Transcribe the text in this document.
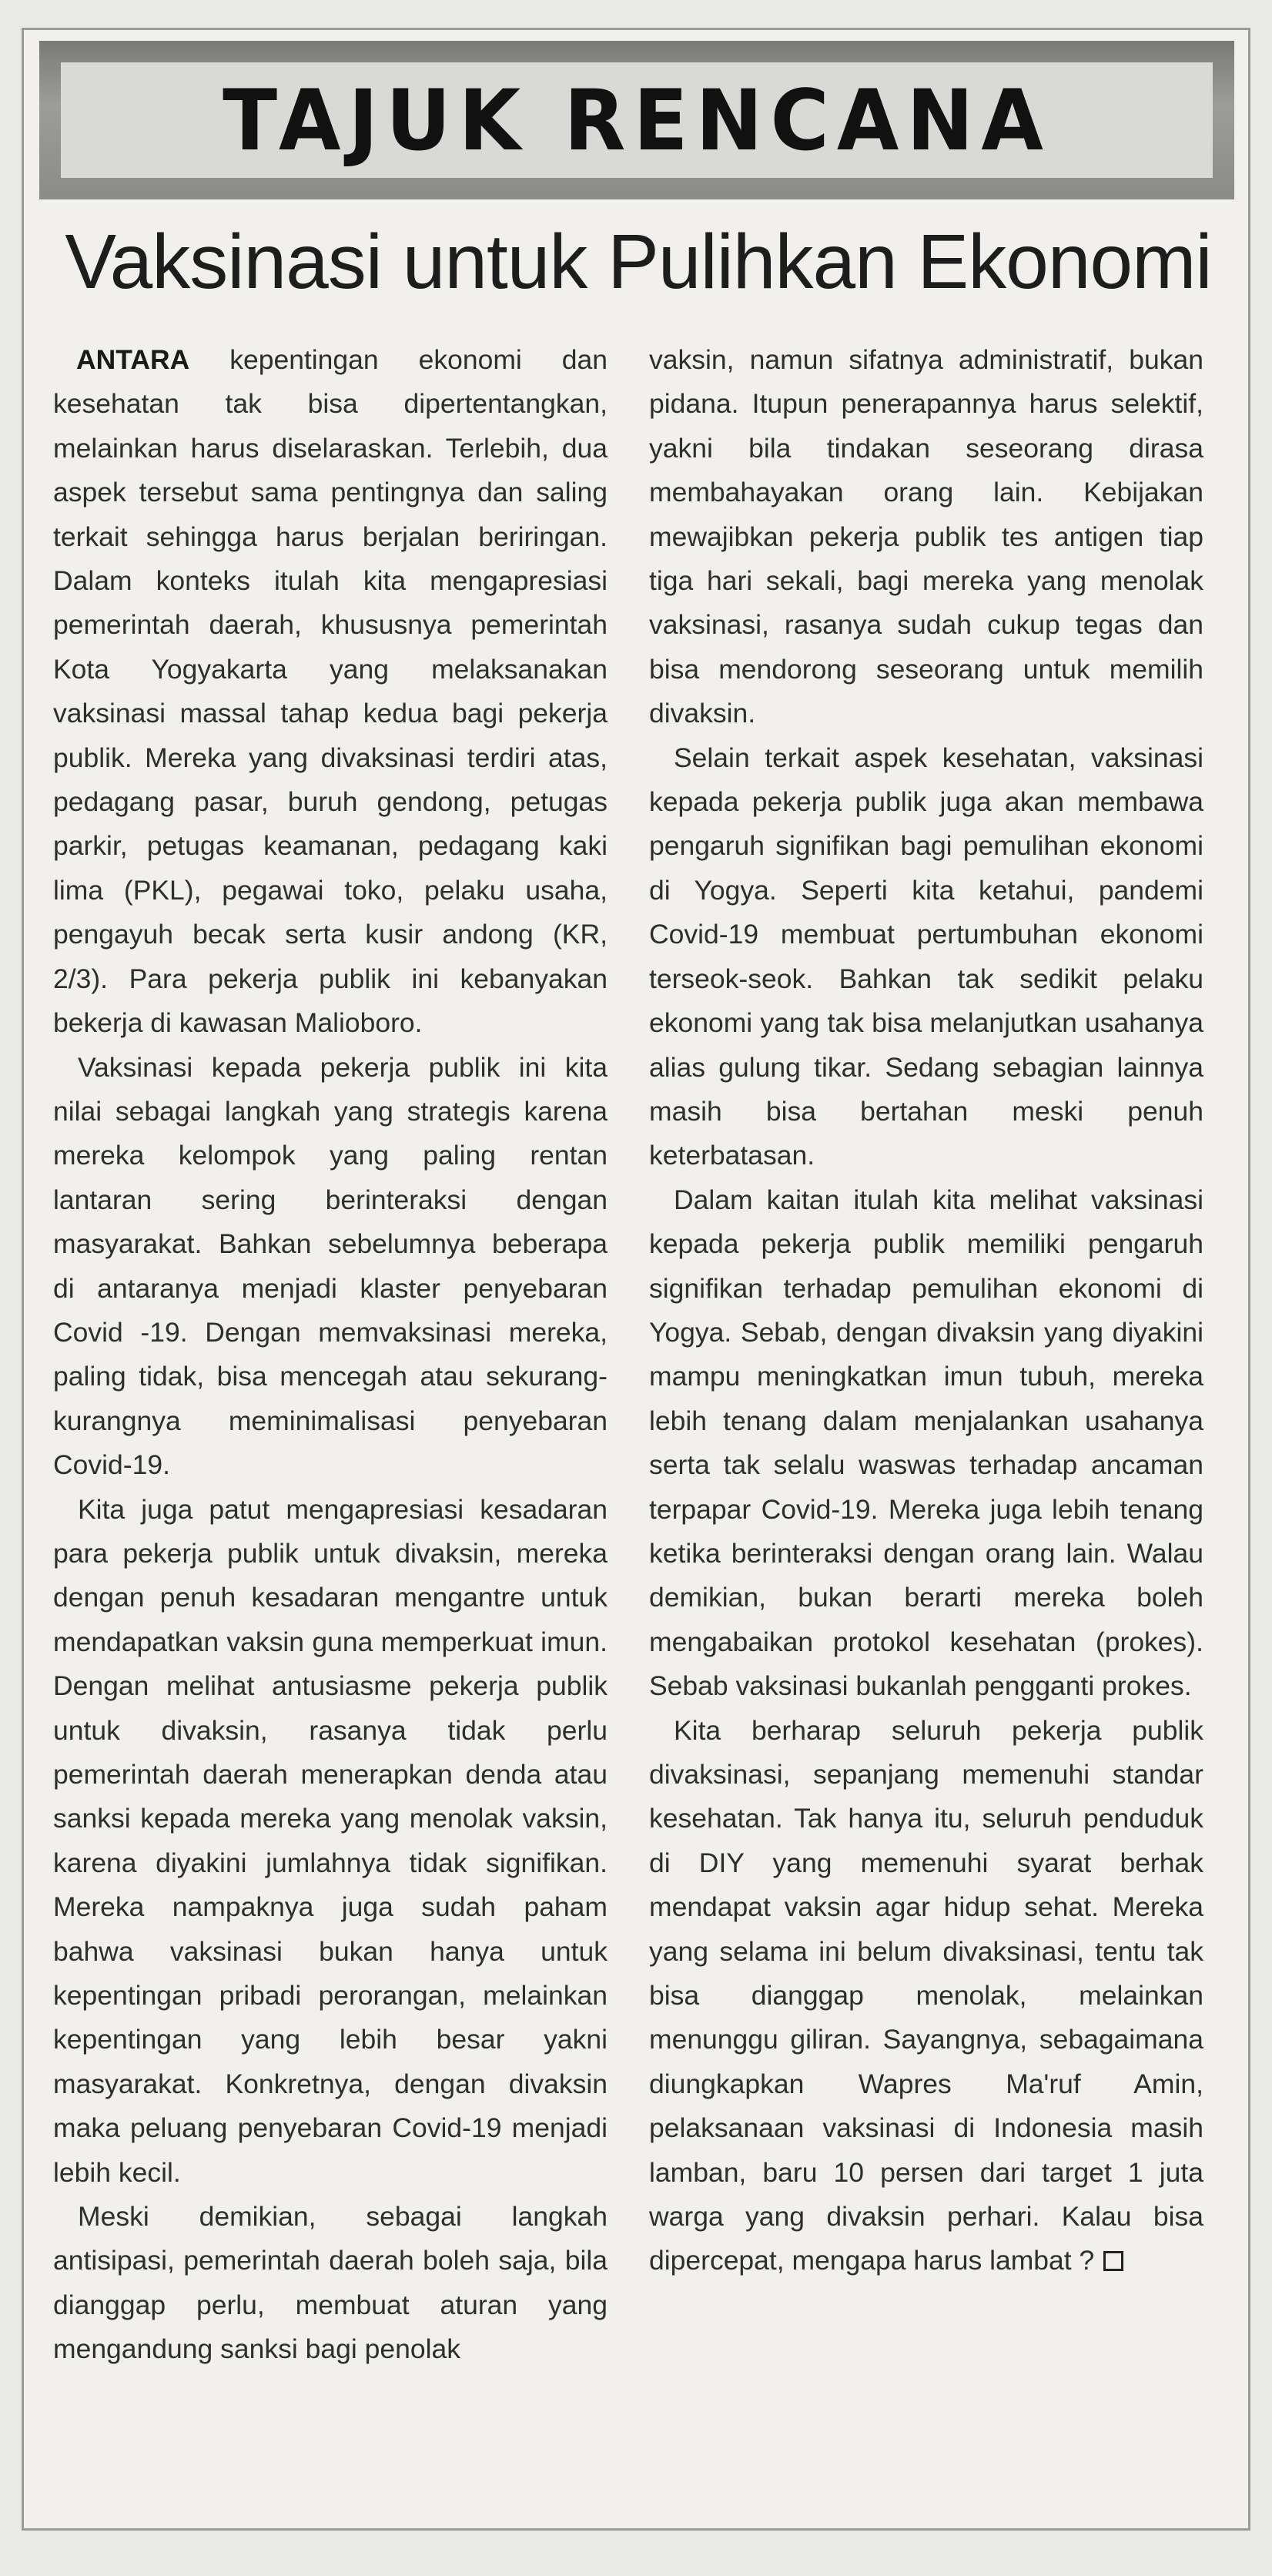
TAJUK RENCANA
Vaksinasi untuk Pulihkan Ekonomi

ANTARA kepentingan ekonomi dan kesehatan tak bisa dipertentangkan, melainkan harus diselaraskan. Terlebih, dua aspek tersebut sama pentingnya dan saling terkait sehingga harus berjalan beriringan. Dalam konteks itulah kita mengapresiasi pemerintah daerah, khususnya pemerintah Kota Yogyakarta yang melaksanakan vaksinasi massal tahap kedua bagi pekerja publik. Mereka yang divaksinasi terdiri atas, pedagang pasar, buruh gendong, petugas parkir, petugas keamanan, pedagang kaki lima (PKL), pegawai toko, pelaku usaha, pengayuh becak serta kusir andong (KR, 2/3). Para pekerja publik ini kebanyakan bekerja di kawasan Malioboro.

Vaksinasi kepada pekerja publik ini kita nilai sebagai langkah yang strategis karena mereka kelompok yang paling rentan lantaran sering berinteraksi dengan masyarakat. Bahkan sebelumnya beberapa di antaranya menjadi klaster penyebaran Covid -19. Dengan memvaksinasi mereka, paling tidak, bisa mencegah atau sekurang-kurangnya meminimalisasi penyebaran Covid-19.

Kita juga patut mengapresiasi kesadaran para pekerja publik untuk divaksin, mereka dengan penuh kesadaran mengantre untuk mendapatkan vaksin guna memperkuat imun. Dengan melihat antusiasme pekerja publik untuk divaksin, rasanya tidak perlu pemerintah daerah menerapkan denda atau sanksi kepada mereka yang menolak vaksin, karena diyakini jumlahnya tidak signifikan. Mereka nampaknya juga sudah paham bahwa vaksinasi bukan hanya untuk kepentingan pribadi perorangan, melainkan kepentingan yang lebih besar yakni masyarakat. Konkretnya, dengan divaksin maka peluang penyebaran Covid-19 menjadi lebih kecil.

Meski demikian, sebagai langkah antisipasi, pemerintah daerah boleh saja, bila dianggap perlu, membuat aturan yang mengandung sanksi bagi penolak

vaksin, namun sifatnya administratif, bukan pidana. Itupun penerapannya harus selektif, yakni bila tindakan seseorang dirasa membahayakan orang lain. Kebijakan mewajibkan pekerja publik tes antigen tiap tiga hari sekali, bagi mereka yang menolak vaksinasi, rasanya sudah cukup tegas dan bisa mendorong seseorang untuk memilih divaksin.

Selain terkait aspek kesehatan, vaksinasi kepada pekerja publik juga akan membawa pengaruh signifikan bagi pemulihan ekonomi di Yogya. Seperti kita ketahui, pandemi Covid-19 membuat pertumbuhan ekonomi terseok-seok. Bahkan tak sedikit pelaku ekonomi yang tak bisa melanjutkan usahanya alias gulung tikar. Sedang sebagian lainnya masih bisa bertahan meski penuh keterbatasan.

Dalam kaitan itulah kita melihat vaksinasi kepada pekerja publik memiliki pengaruh signifikan terhadap pemulihan ekonomi di Yogya. Sebab, dengan divaksin yang diyakini mampu meningkatkan imun tubuh, mereka lebih tenang dalam menjalankan usahanya serta tak selalu waswas terhadap ancaman terpapar Covid-19. Mereka juga lebih tenang ketika berinteraksi dengan orang lain. Walau demikian, bukan berarti mereka boleh mengabaikan protokol kesehatan (prokes). Sebab vaksinasi bukanlah pengganti prokes.

Kita berharap seluruh pekerja publik divaksinasi, sepanjang memenuhi standar kesehatan. Tak hanya itu, seluruh penduduk di DIY yang memenuhi syarat berhak mendapat vaksin agar hidup sehat. Mereka yang selama ini belum divaksinasi, tentu tak bisa dianggap menolak, melainkan menunggu giliran. Sayangnya, sebagaimana diungkapkan Wapres Ma'ruf Amin, pelaksanaan vaksinasi di Indonesia masih lamban, baru 10 persen dari target 1 juta warga yang divaksin perhari. Kalau bisa dipercepat, mengapa harus lambat ?
